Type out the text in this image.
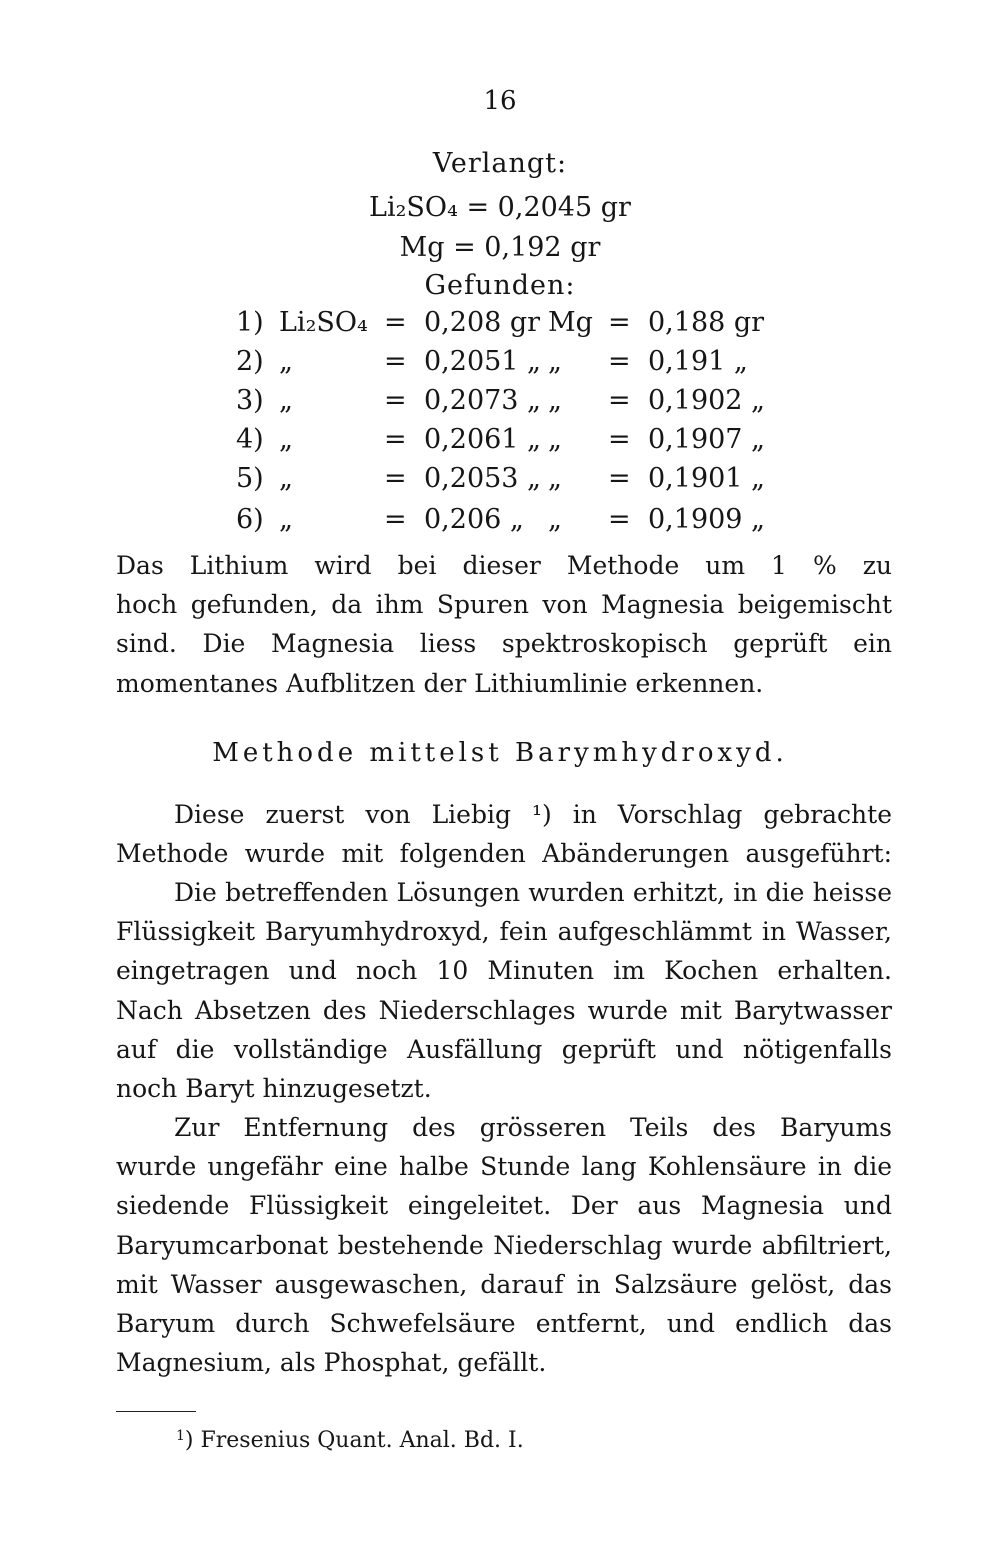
16
Verlangt:
Li₂SO₄ = 0,2045 gr
Mg = 0,192 gr
Gefunden:
1) Li₂SO₄ = 0,208 gr Mg = 0,188 gr
2) „	= 0,2051 „ „ = 0,191 „
3) „	= 0,2073 „ „ = 0,1902 „
4) „	= 0,2061 „ „ = 0,1907 „
5) „	= 0,2053 „ „ = 0,1901 „
6) „	= 0,206 „ „ = 0,1909 „
Das Lithium wird bei dieser Methode um 1 % zu
hoch gefunden, da ihm Spuren von Magnesia beigemischt
sind. Die Magnesia liess spektroskopisch geprüft ein
momentanes Aufblitzen der Lithiumlinie erkennen.
Methode mittelst Barymhydroxyd.
Diese zuerst von Liebig ¹) in Vorschlag gebrachte
Methode wurde mit folgenden Abänderungen ausgeführt:
Die betreffenden Lösungen wurden erhitzt, in die heisse
Flüssigkeit Baryumhydroxyd, fein aufgeschlämmt in Wasser,
eingetragen und noch 10 Minuten im Kochen erhalten.
Nach Absetzen des Niederschlages wurde mit Barytwasser
auf die vollständige Ausfällung geprüft und nötigenfalls
noch Baryt hinzugesetzt.
Zur Entfernung des grösseren Teils des Baryums
wurde ungefähr eine halbe Stunde lang Kohlensäure in die
siedende Flüssigkeit eingeleitet. Der aus Magnesia und
Baryumcarbonat bestehende Niederschlag wurde abfiltriert,
mit Wasser ausgewaschen, darauf in Salzsäure gelöst, das
Baryum durch Schwefelsäure entfernt, und endlich das
Magnesium, als Phosphat, gefällt.
$^1$) Fresenius Quant. Anal. Bd. I.
